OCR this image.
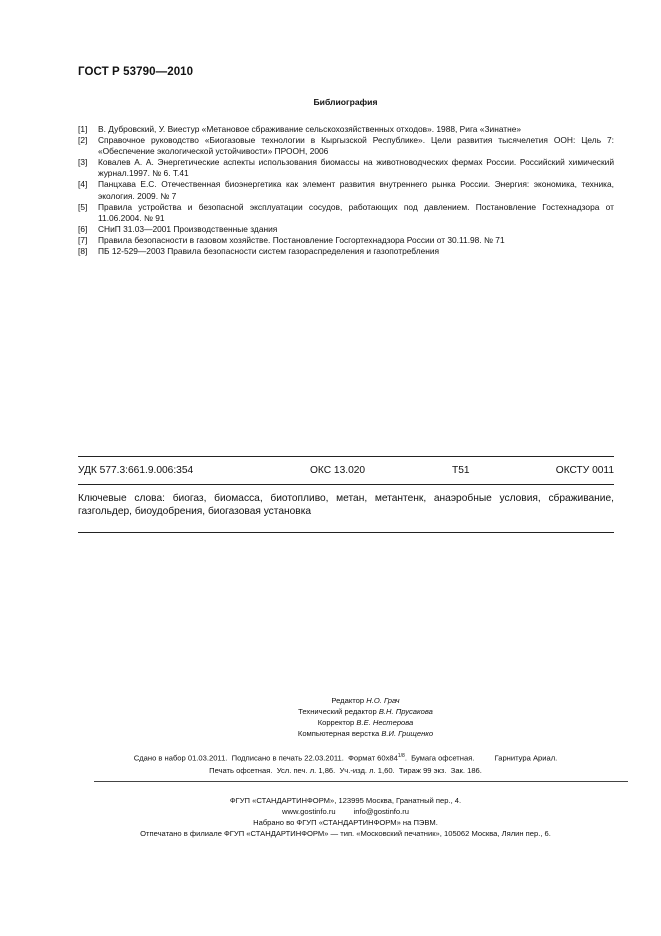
ГОСТ Р 53790—2010
Библиография
[1]	В. Дубровский, У. Виестур «Метановое сбраживание сельскохозяйственных отходов». 1988, Рига «Зинатне»
[2]	Справочное руководство «Биогазовые технологии в Кыргызской Республике». Цели развития тысячелетия ООН: Цель 7: «Обеспечение экологической устойчивости» ПРООН, 2006
[3]	Ковалев А. А. Энергетические аспекты использования биомассы на животноводческих фермах России. Российский химический журнал.1997. № 6. Т.41
[4]	Панцхава Е.С. Отечественная биоэнергетика как элемент развития внутреннего рынка России. Энергия: экономика, техника, экология. 2009. № 7
[5]	Правила устройства и безопасной эксплуатации сосудов, работающих под давлением. Постановление Гостехнадзора от 11.06.2004. № 91
[6]	СНиП 31.03—2001 Производственные здания
[7]	Правила безопасности в газовом хозяйстве. Постановление Госгортехнадзора России от 30.11.98. № 71
[8]	ПБ 12-529—2003 Правила безопасности систем газораспределения и газопотребления
УДК 577.3:661.9.006:354	ОКС 13.020	Т51	ОКСТУ 0011
Ключевые слова: биогаз, биомасса, биотопливо, метан, метантенк, анаэробные условия, сбраживание, газгольдер, биоудобрения, биогазовая установка
Редактор Н.О. Грач
Технический редактор В.Н. Прусакова
Корректор В.Е. Нестерова
Компьютерная верстка В.И. Грищенко
Сдано в набор 01.03.2011. Подписано в печать 22.03.2011. Формат $60x84^{1/8}$.  Бумага офсетная.	Гарнитура Ариал.
Печать офсетная. Усл. печ. л. 1,86. Уч.-изд. л. 1,60. Тираж 99 экз. Зак. 186.
ФГУП «СТАНДАРТИНФОРМ», 123995 Москва, Гранатный пер., 4.
www.gostinfo.ru info@gostinfo.ru
Набрано во ФГУП «СТАНДАРТИНФОРМ» на ПЭВМ.
Отпечатано в филиале ФГУП «СТАНДАРТИНФОРМ» — тип. «Московский печатник», 105062 Москва, Лялин пер., 6.
